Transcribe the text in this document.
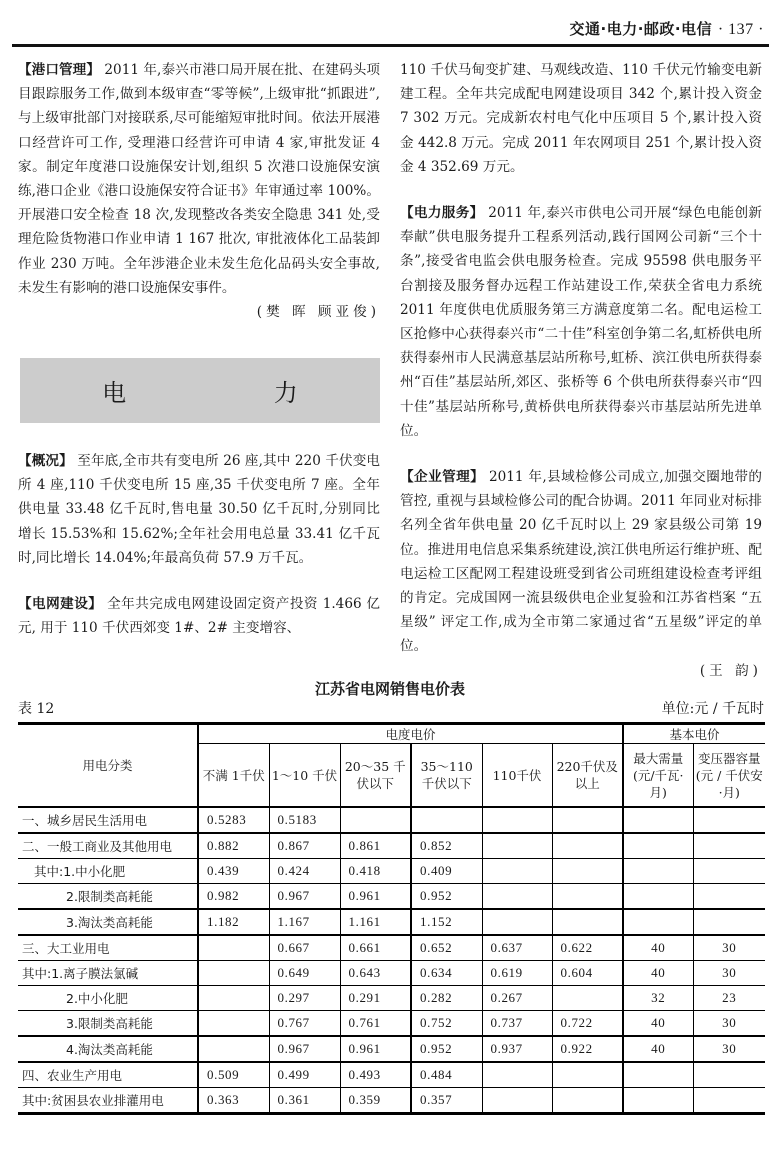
交通·电力·邮政·电信 · 137 ·

【港口管理】 2011 年,泰兴市港口局开展在批、在建码头项目跟踪服务工作,做到本级审查“零等候”,上级审批“抓跟进”,与上级审批部门对接联系,尽可能缩短审批时间。依法开展港口经营许可工作, 受理港口经营许可申请 4 家,审批发证 4 家。制定年度港口设施保安计划,组织 5 次港口设施保安演练,港口企业《港口设施保安符合证书》年审通过率 100%。开展港口安全检查 18 次,发现整改各类安全隐患 341 处,受理危险货物港口作业申请 1 167 批次, 审批液体化工品装卸作业 230 万吨。全年涉港企业未发生危化品码头安全事故,未发生有影响的港口设施保安事件。

(樊 晖 顾亚俊)
电 力

【概况】 至年底,全市共有变电所 26 座,其中 220 千伏变电所 4 座,110 千伏变电所 15 座,35 千伏变电所 7 座。全年供电量 33.48 亿千瓦时,售电量 30.50 亿千瓦时,分别同比增长 15.53%和 15.62%;全年社会用电总量 33.41 亿千瓦时,同比增长 14.04%;年最高负荷 57.9 万千瓦。

【电网建设】 全年共完成电网建设固定资产投资 1.466 亿元, 用于 110 千伏西郊变 1#、2# 主变增容、

110 千伏马甸变扩建、马观线改造、110 千伏元竹输变电新建工程。全年共完成配电网建设项目 342 个,累计投入资金 7 302 万元。完成新农村电气化中压项目 5 个,累计投入资金 442.8 万元。完成 2011 年农网项目 251 个,累计投入资金 4 352.69 万元。

【电力服务】 2011 年,泰兴市供电公司开展“绿色电能创新奉献”供电服务提升工程系列活动,践行国网公司新“三个十条”,接受省电监会供电服务检查。完成 95598 供电服务平台割接及服务督办远程工作站建设工作,荣获全省电力系统 2011 年度供电优质服务第三方满意度第二名。配电运检工区抢修中心获得泰兴市“二十佳”科室创争第二名,虹桥供电所获得泰州市人民满意基层站所称号,虹桥、滨江供电所获得泰州“百佳”基层站所,郊区、张桥等 6 个供电所获得泰兴市“四十佳”基层站所称号,黄桥供电所获得泰兴市基层站所先进单位。

【企业管理】 2011 年,县域检修公司成立,加强交圈地带的管控, 重视与县域检修公司的配合协调。2011 年同业对标排名列全省年供电量 20 亿千瓦时以上 29 家县级公司第 19 位。推进用电信息采集系统建设,滨江供电所运行维护班、配电运检工区配网工程建设班受到省公司班组建设检查考评组的肯定。完成国网一流县级供电企业复验和江苏省档案 “五星级” 评定工作,成为全市第二家通过省“五星级”评定的单位。

(王 韵)
江苏省电网销售电价表
表 12	单位:元 / 千瓦时
用电分类	电度电价						基本电价	
	不满 1千伏	1～10 千伏	20～35 千伏以下	35～110 千伏以下	110千伏	220千伏及以上	最大需量 (元/千瓦·月)	变压器容量 (元 / 千伏安·月)
一、城乡居民生活用电	0.5283	0.5183						
二、一般工商业及其他用电	0.882	0.867	0.861	0.852				
其中:1.中小化肥	0.439	0.424	0.418	0.409				
2.限制类高耗能	0.982	0.967	0.961	0.952				
3.淘汰类高耗能	1.182	1.167	1.161	1.152				
三、大工业用电		0.667	0.661	0.652	0.637	0.622	40	30
其中:1.离子膜法氯碱		0.649	0.643	0.634	0.619	0.604	40	30
2.中小化肥		0.297	0.291	0.282	0.267		32	23
3.限制类高耗能		0.767	0.761	0.752	0.737	0.722	40	30
4.淘汰类高耗能		0.967	0.961	0.952	0.937	0.922	40	30
四、农业生产用电	0.509	0.499	0.493	0.484				
其中:贫困县农业排灌用电	0.363	0.361	0.359	0.357				
